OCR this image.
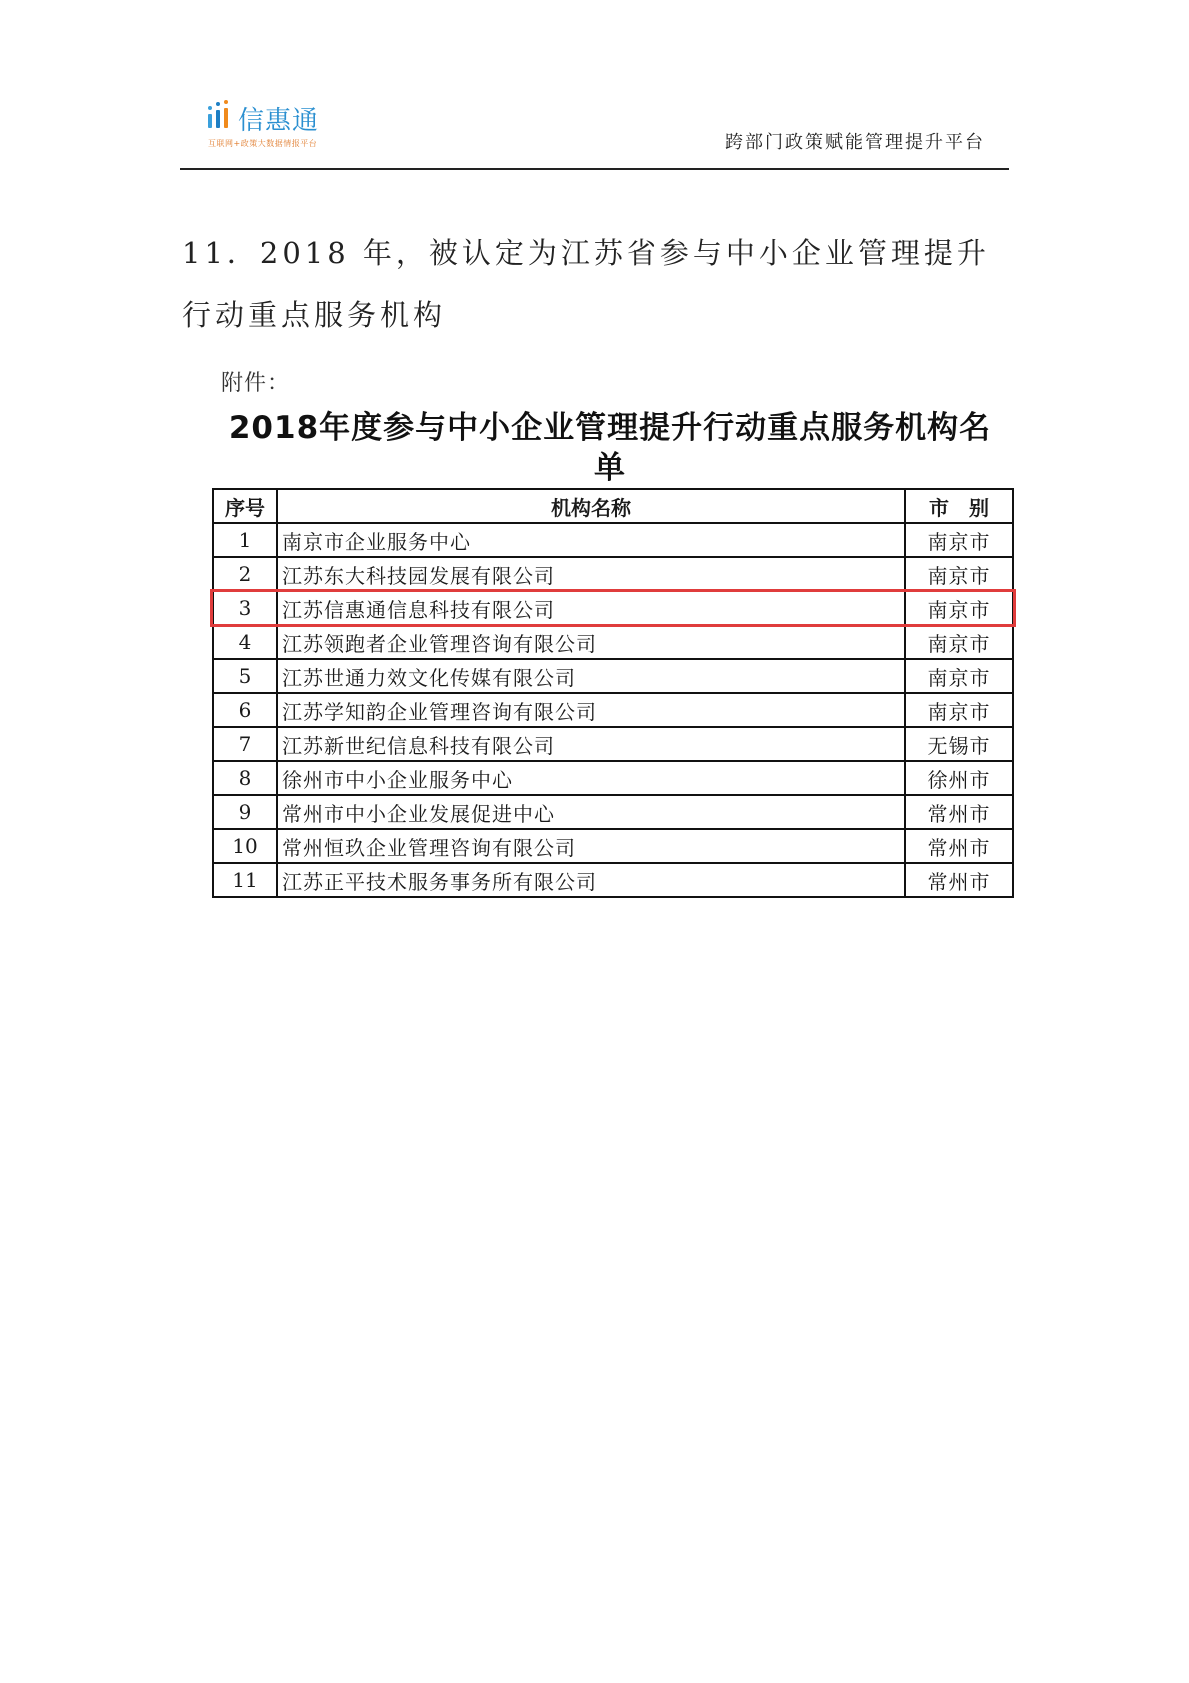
信惠通
互联网+政策大数据情报平台	跨部门政策赋能管理提升平台
11．2018 年，被认定为江苏省参与中小企业管理提升行动重点服务机构
附件：
2018年度参与中小企业管理提升行动重点服务机构名单
序号	机构名称	市　别
1	南京市企业服务中心	南京市
2	江苏东大科技园发展有限公司	南京市
3	江苏信惠通信息科技有限公司	南京市
4	江苏领跑者企业管理咨询有限公司	南京市
5	江苏世通力效文化传媒有限公司	南京市
6	江苏学知韵企业管理咨询有限公司	南京市
7	江苏新世纪信息科技有限公司	无锡市
8	徐州市中小企业服务中心	徐州市
9	常州市中小企业发展促进中心	常州市
10	常州恒玖企业管理咨询有限公司	常州市
11	江苏正平技术服务事务所有限公司	常州市
